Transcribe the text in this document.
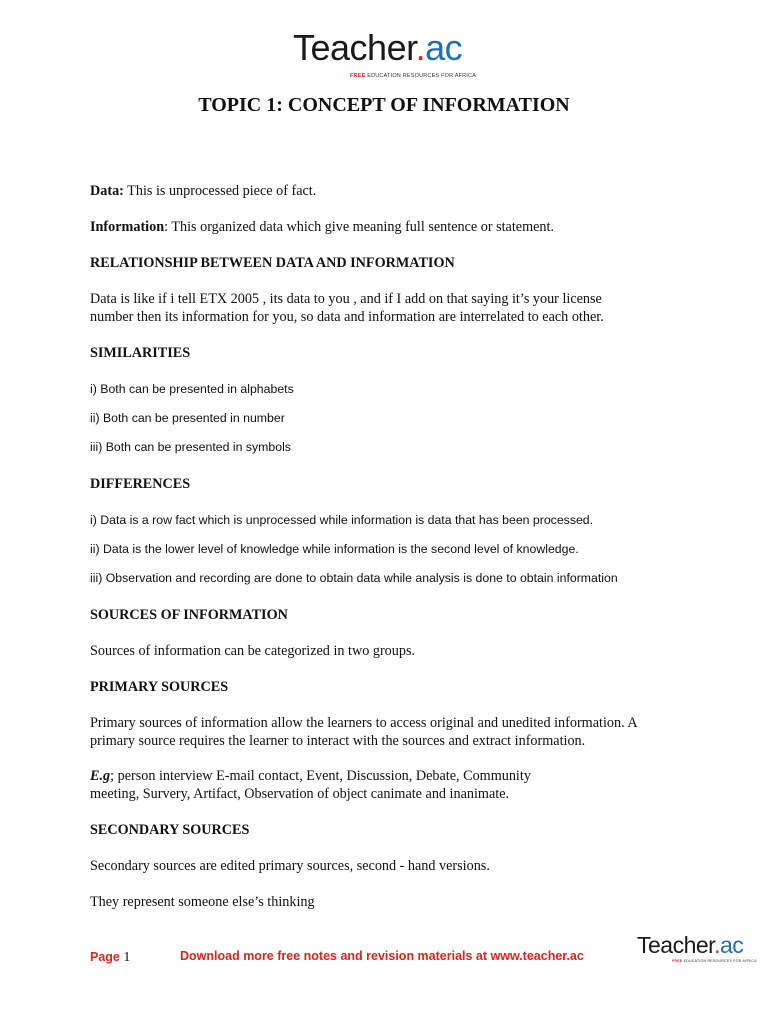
Teacher.ac
FREE EDUCATION RESOURCES FOR AFRICA
TOPIC 1: CONCEPT OF INFORMATION
Data: This is unprocessed piece of fact.
Information: This organized data which give meaning full sentence or statement.
RELATIONSHIP BETWEEN DATA AND INFORMATION
Data is like if i tell ETX 2005 , its data to you , and if I add on that saying it’s your license
number then its information for you, so data and information are interrelated to each other.
SIMILARITIES
i) Both can be presented in alphabets
ii) Both can be presented in number
iii) Both can be presented in symbols
DIFFERENCES
i) Data is a row fact which is unprocessed while information is data that has been processed.
ii) Data is the lower level of knowledge while information is the second level of knowledge.
iii) Observation and recording are done to obtain data while analysis is done to obtain information
SOURCES OF INFORMATION
Sources of information can be categorized in two groups.
PRIMARY SOURCES
Primary sources of information allow the learners to access original and unedited information. A
primary source requires the learner to interact with the sources and extract information.
E.g; person interview E-mail contact, Event, Discussion, Debate, Community
meeting, Survery, Artifact, Observation of object canimate and inanimate.
SECONDARY SOURCES
Secondary sources are edited primary sources, second - hand versions.
They represent someone else’s thinking
Page 1	Download more free notes and revision materials at www.teacher.ac Teacher.ac
FREE EDUCATION RESOURCES FOR AFRICA
